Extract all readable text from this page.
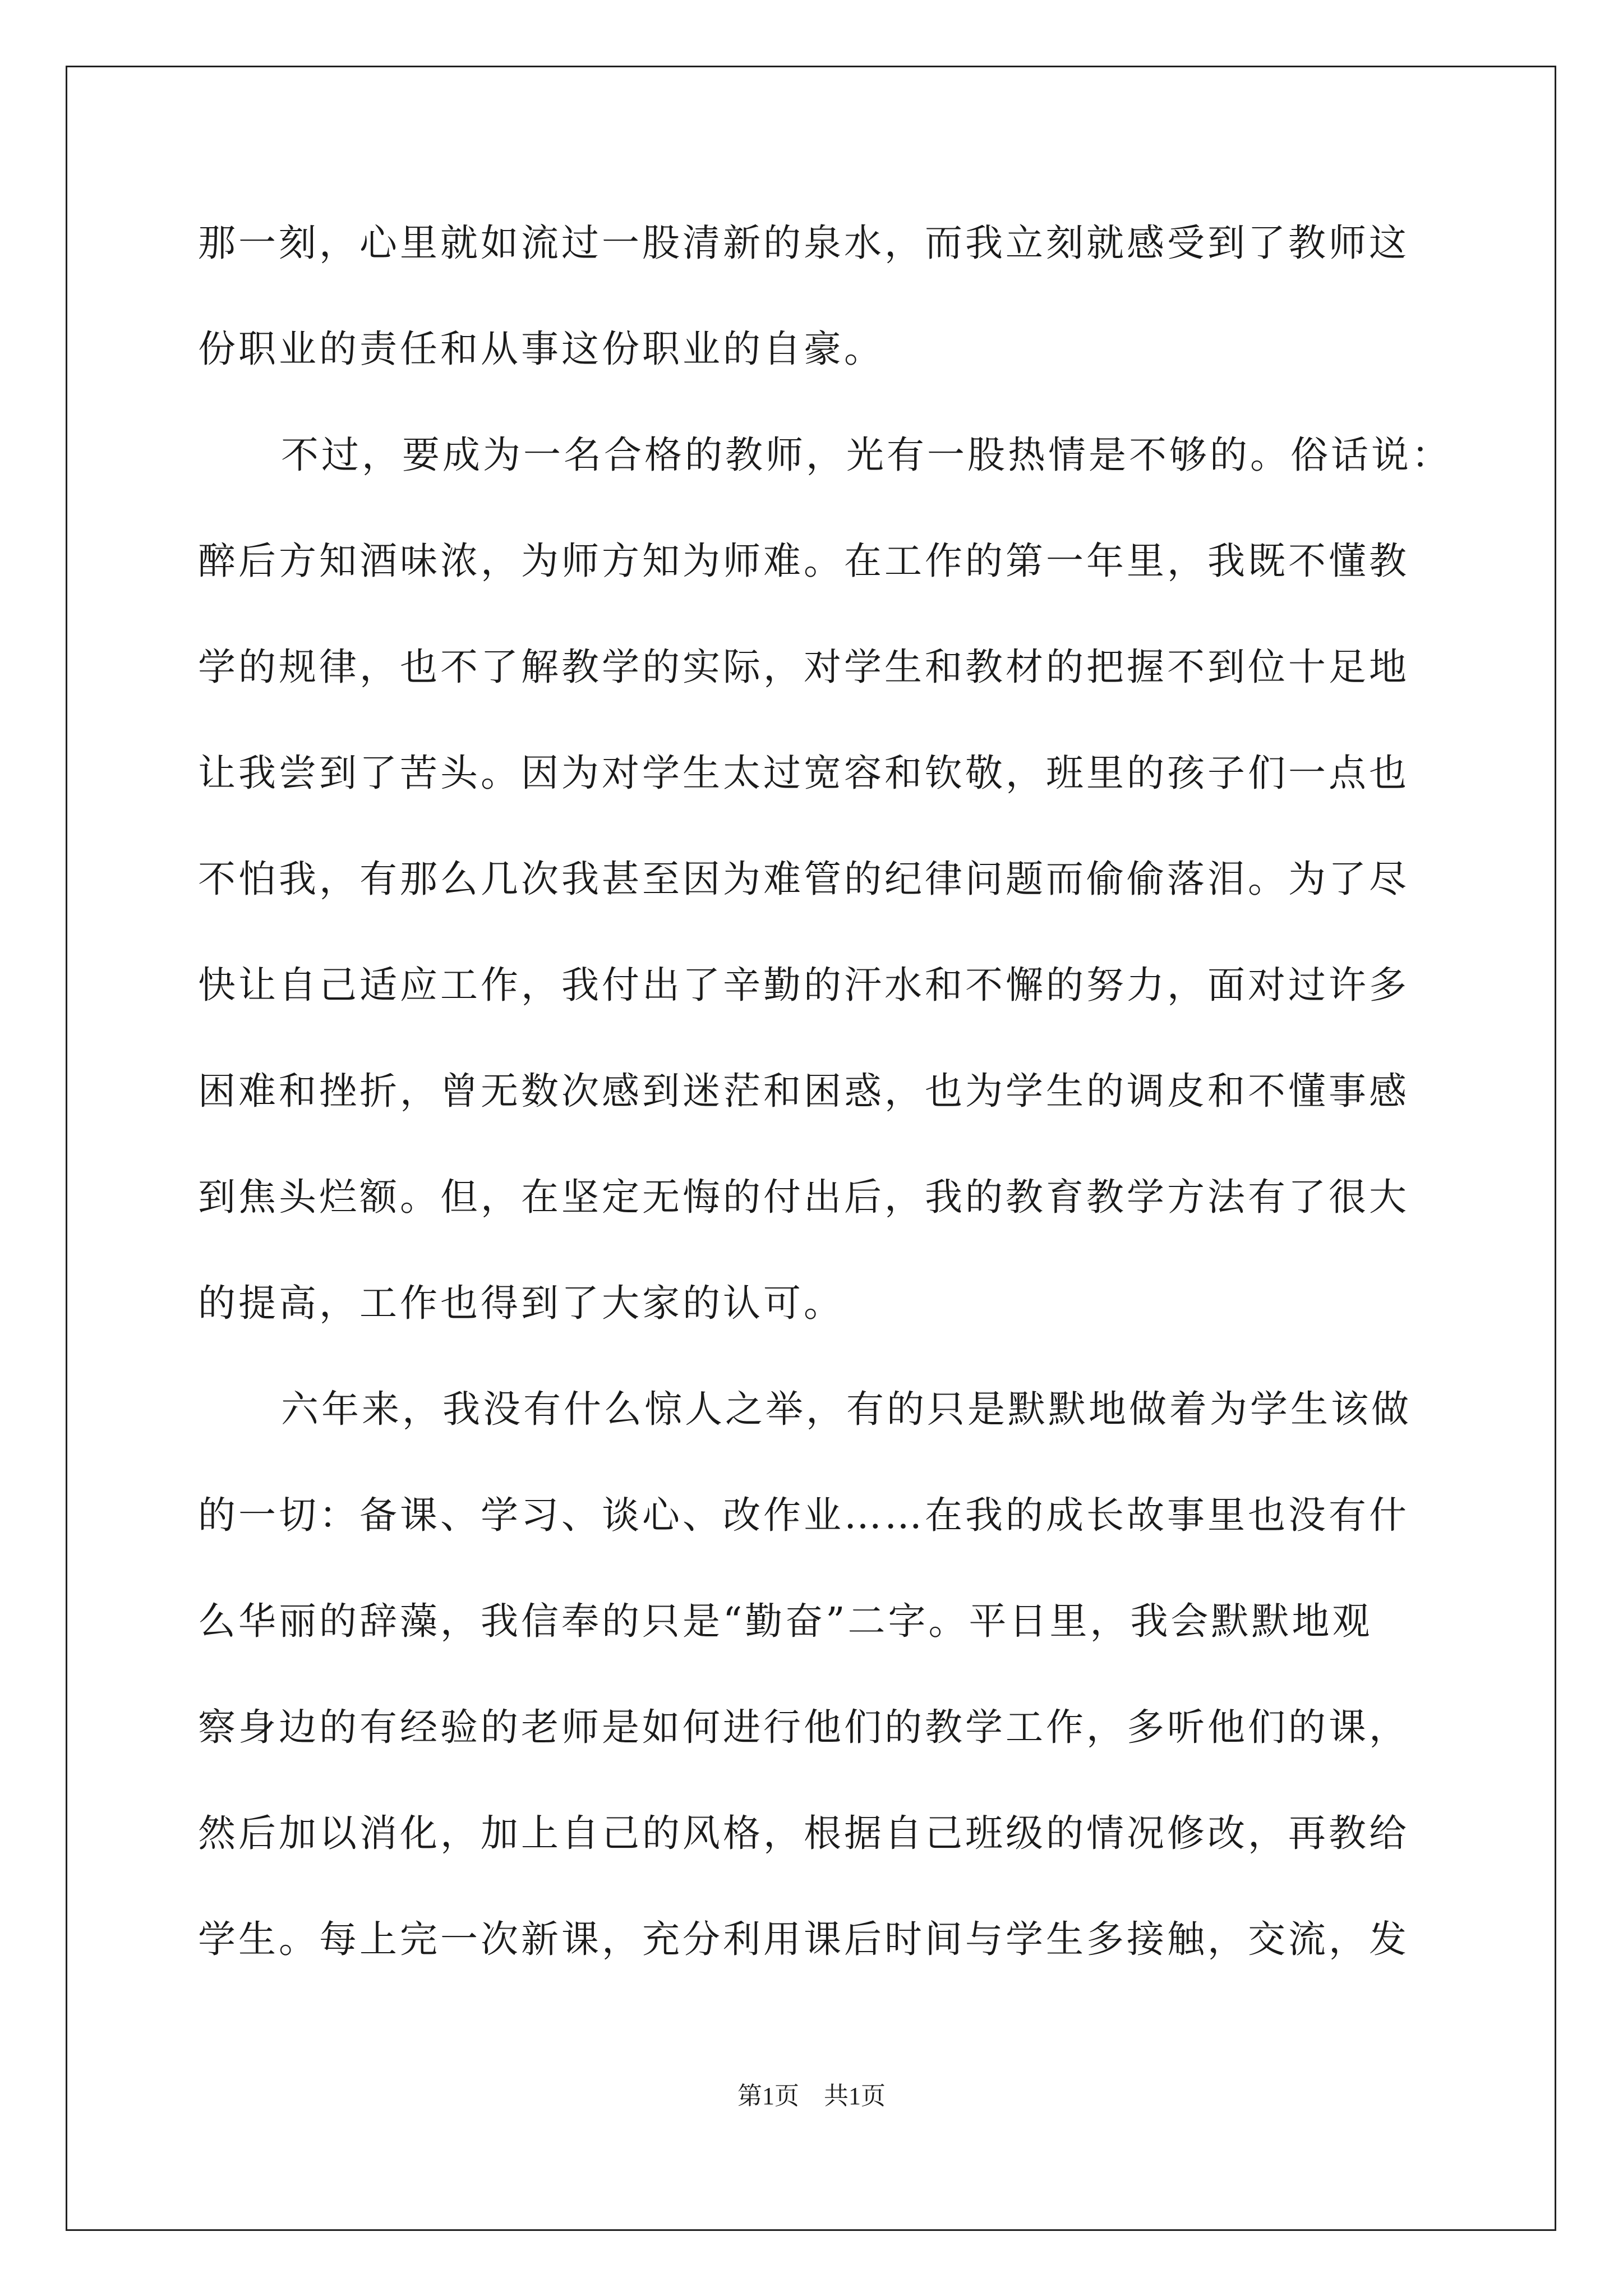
那一刻，心里就如流过一股清新的泉水，而我立刻就感受到了教师这
份职业的责任和从事这份职业的自豪。
不过，要成为一名合格的教师，光有一股热情是不够的。俗话说：
醉后方知酒味浓，为师方知为师难。在工作的第一年里，我既不懂教
学的规律，也不了解教学的实际，对学生和教材的把握不到位十足地
让我尝到了苦头。因为对学生太过宽容和钦敬，班里的孩子们一点也
不怕我，有那么几次我甚至因为难管的纪律问题而偷偷落泪。为了尽
快让自己适应工作，我付出了辛勤的汗水和不懈的努力，面对过许多
困难和挫折，曾无数次感到迷茫和困惑，也为学生的调皮和不懂事感
到焦头烂额。但，在坚定无悔的付出后，我的教育教学方法有了很大
的提高，工作也得到了大家的认可。
六年来，我没有什么惊人之举，有的只是默默地做着为学生该做
的一切：备课、学习、谈心、改作业……在我的成长故事里也没有什
么华丽的辞藻，我信奉的只是“勤奋”二字。平日里，我会默默地观
察身边的有经验的老师是如何进行他们的教学工作，多听他们的课，
然后加以消化，加上自己的风格，根据自己班级的情况修改，再教给
学生。每上完一次新课，充分利用课后时间与学生多接触，交流，发
第1页　共1页
